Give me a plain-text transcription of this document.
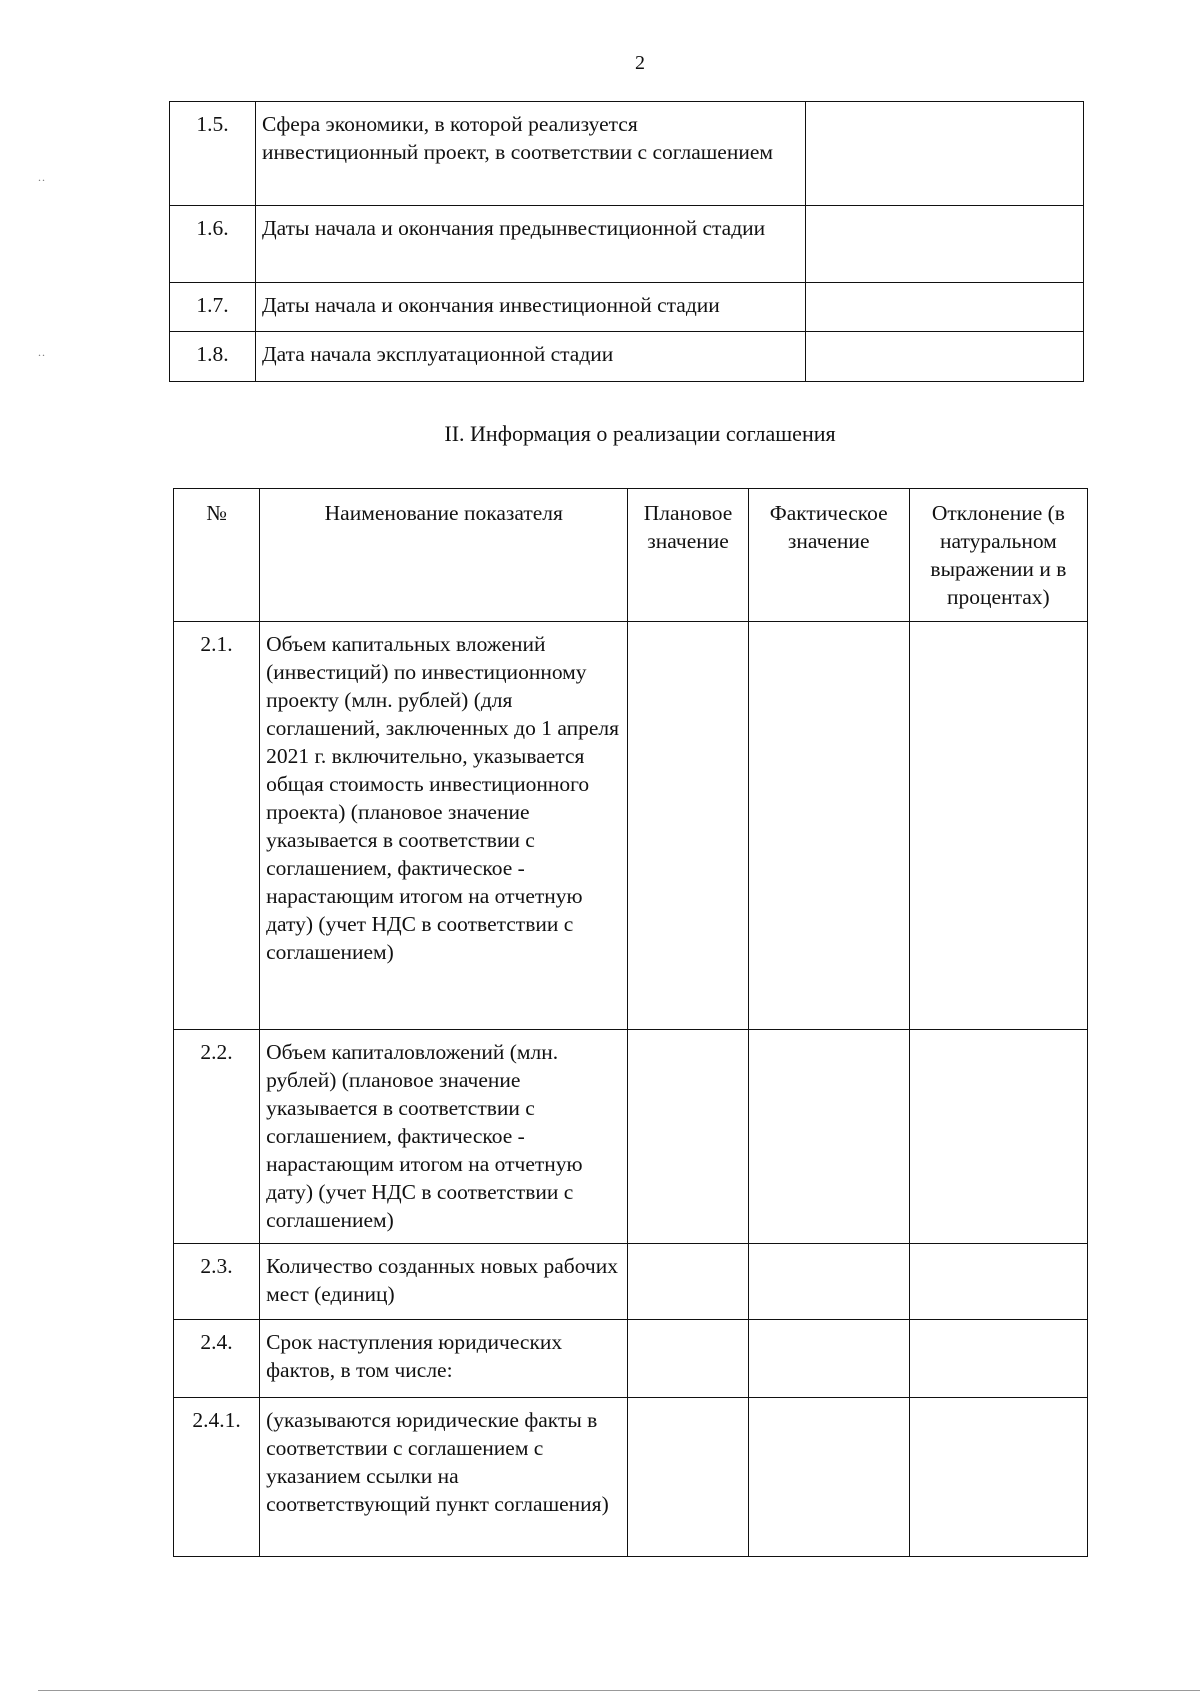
2
..
..
1.5.	Сфера экономики, в которой реализуется инвестиционный проект, в соответствии с соглашением	
1.6.	Даты начала и окончания предынвестиционной стадии	
1.7.	Даты начала и окончания инвестиционной стадии	
1.8.	Дата начала эксплуатационной стадии	
II. Информация о реализации соглашения
№	Наименование показателя	Плановое значение	Фактическое значение	Отклонение (в натуральном выражении и в процентах)
2.1.	Объем капитальных вложений (инвестиций) по инвестиционному проекту (млн. рублей) (для соглашений, заключенных до 1 апреля 2021 г. включительно, указывается общая стоимость инвестиционного проекта) (плановое значение указывается в соответствии с соглашением, фактическое - нарастающим итогом на отчетную дату) (учет НДС в соответствии с соглашением)			
2.2.	Объем капиталовложений (млн. рублей) (плановое значение указывается в соответствии с соглашением, фактическое - нарастающим итогом на отчетную дату) (учет НДС в соответствии с соглашением)			
2.3.	Количество созданных новых рабочих мест (единиц)			
2.4.	Срок наступления юридических фактов, в том числе:			
2.4.1.	(указываются юридические факты в соответствии с соглашением с указанием ссылки на соответствующий пункт соглашения)			
